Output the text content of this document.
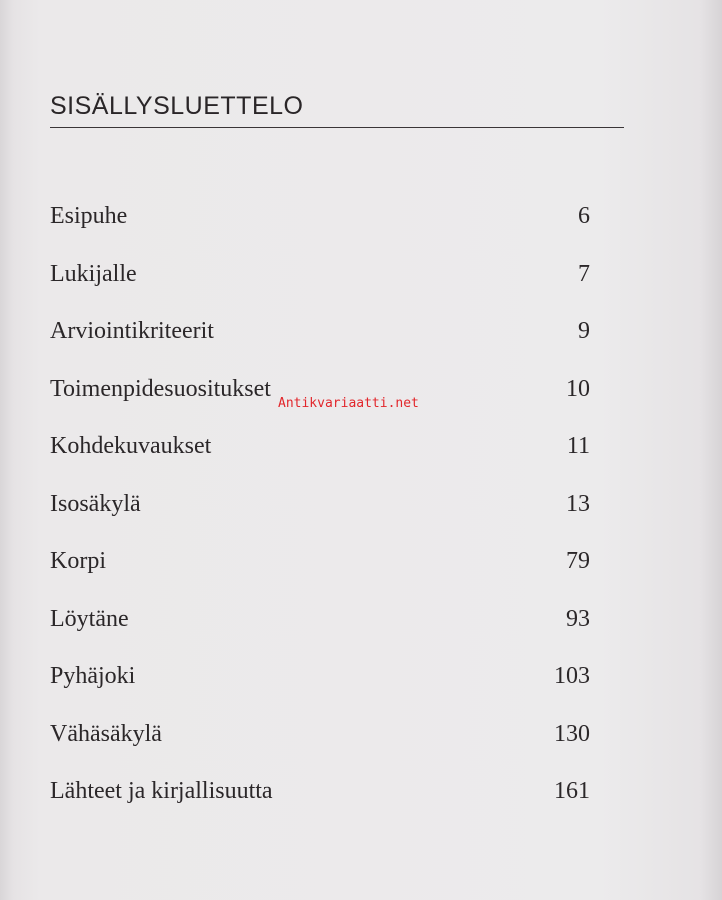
SISÄLLYSLUETTELO
Esipuhe	6
Lukijalle	7
Arviointikriteerit	9
Toimenpidesuositukset	10
Kohdekuvaukset	11
Isosäkylä	13
Korpi	79
Löytäne	93
Pyhäjoki	103
Vähäsäkylä	130
Lähteet ja kirjallisuutta	161
Antikvariaatti.net
